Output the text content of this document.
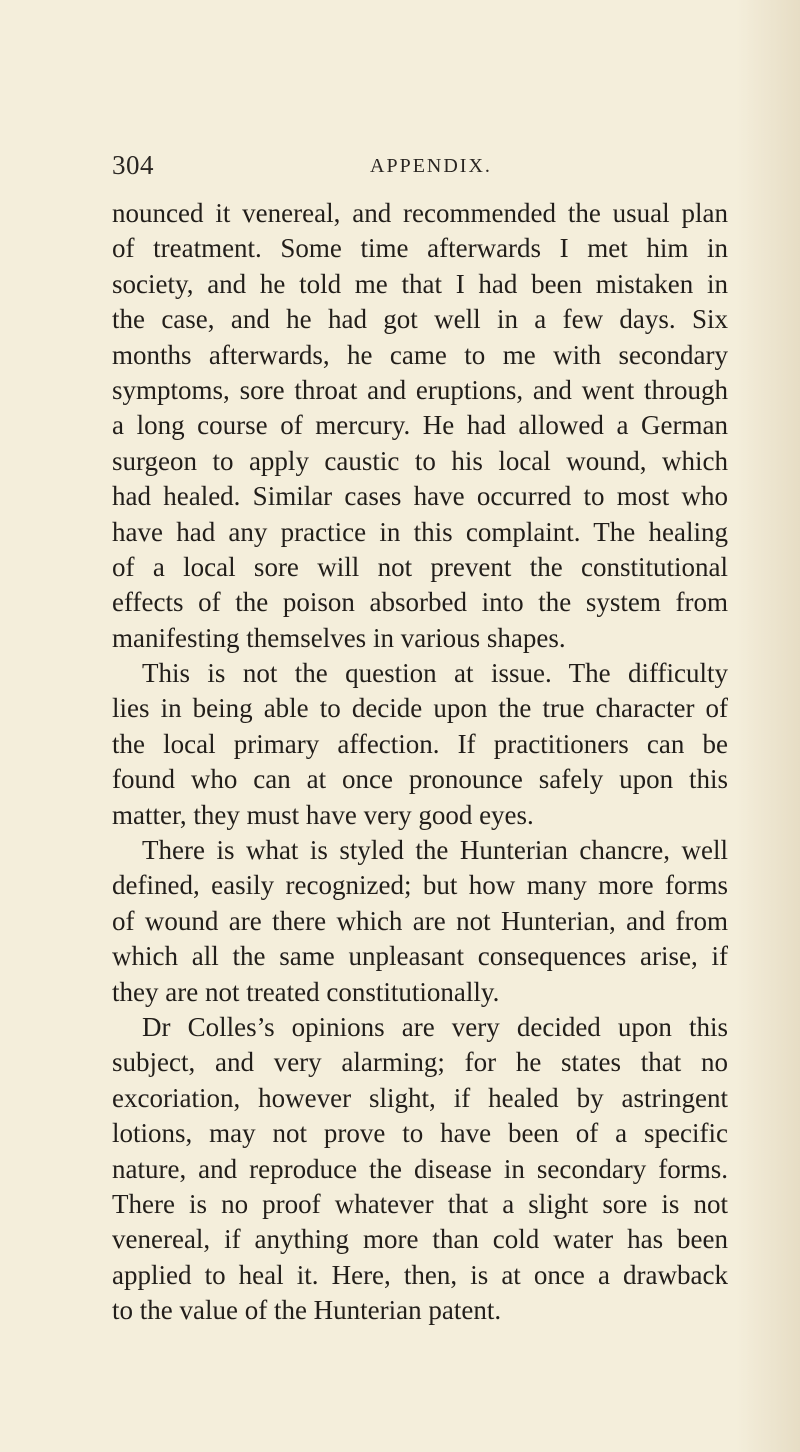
304	APPENDIX.
nounced it venereal, and recommended the usual plan
of treatment. Some time afterwards I met him in
society, and he told me that I had been mistaken in
the case, and he had got well in a few days. Six
months afterwards, he came to me with secondary
symptoms, sore throat and eruptions, and went through
a long course of mercury. He had allowed a German
surgeon to apply caustic to his local wound, which
had healed. Similar cases have occurred to most who
have had any practice in this complaint. The healing
of a local sore will not prevent the constitutional
effects of the poison absorbed into the system from
manifesting themselves in various shapes.
This is not the question at issue. The difficulty
lies in being able to decide upon the true character of
the local primary affection. If practitioners can be
found who can at once pronounce safely upon this
matter, they must have very good eyes.
There is what is styled the Hunterian chancre, well
defined, easily recognized; but how many more forms
of wound are there which are not Hunterian, and from
which all the same unpleasant consequences arise, if
they are not treated constitutionally.
Dr Colles’s opinions are very decided upon this
subject, and very alarming; for he states that no
excoriation, however slight, if healed by astringent
lotions, may not prove to have been of a specific
nature, and reproduce the disease in secondary forms.
There is no proof whatever that a slight sore is not
venereal, if anything more than cold water has been
applied to heal it. Here, then, is at once a drawback
to the value of the Hunterian patent.
